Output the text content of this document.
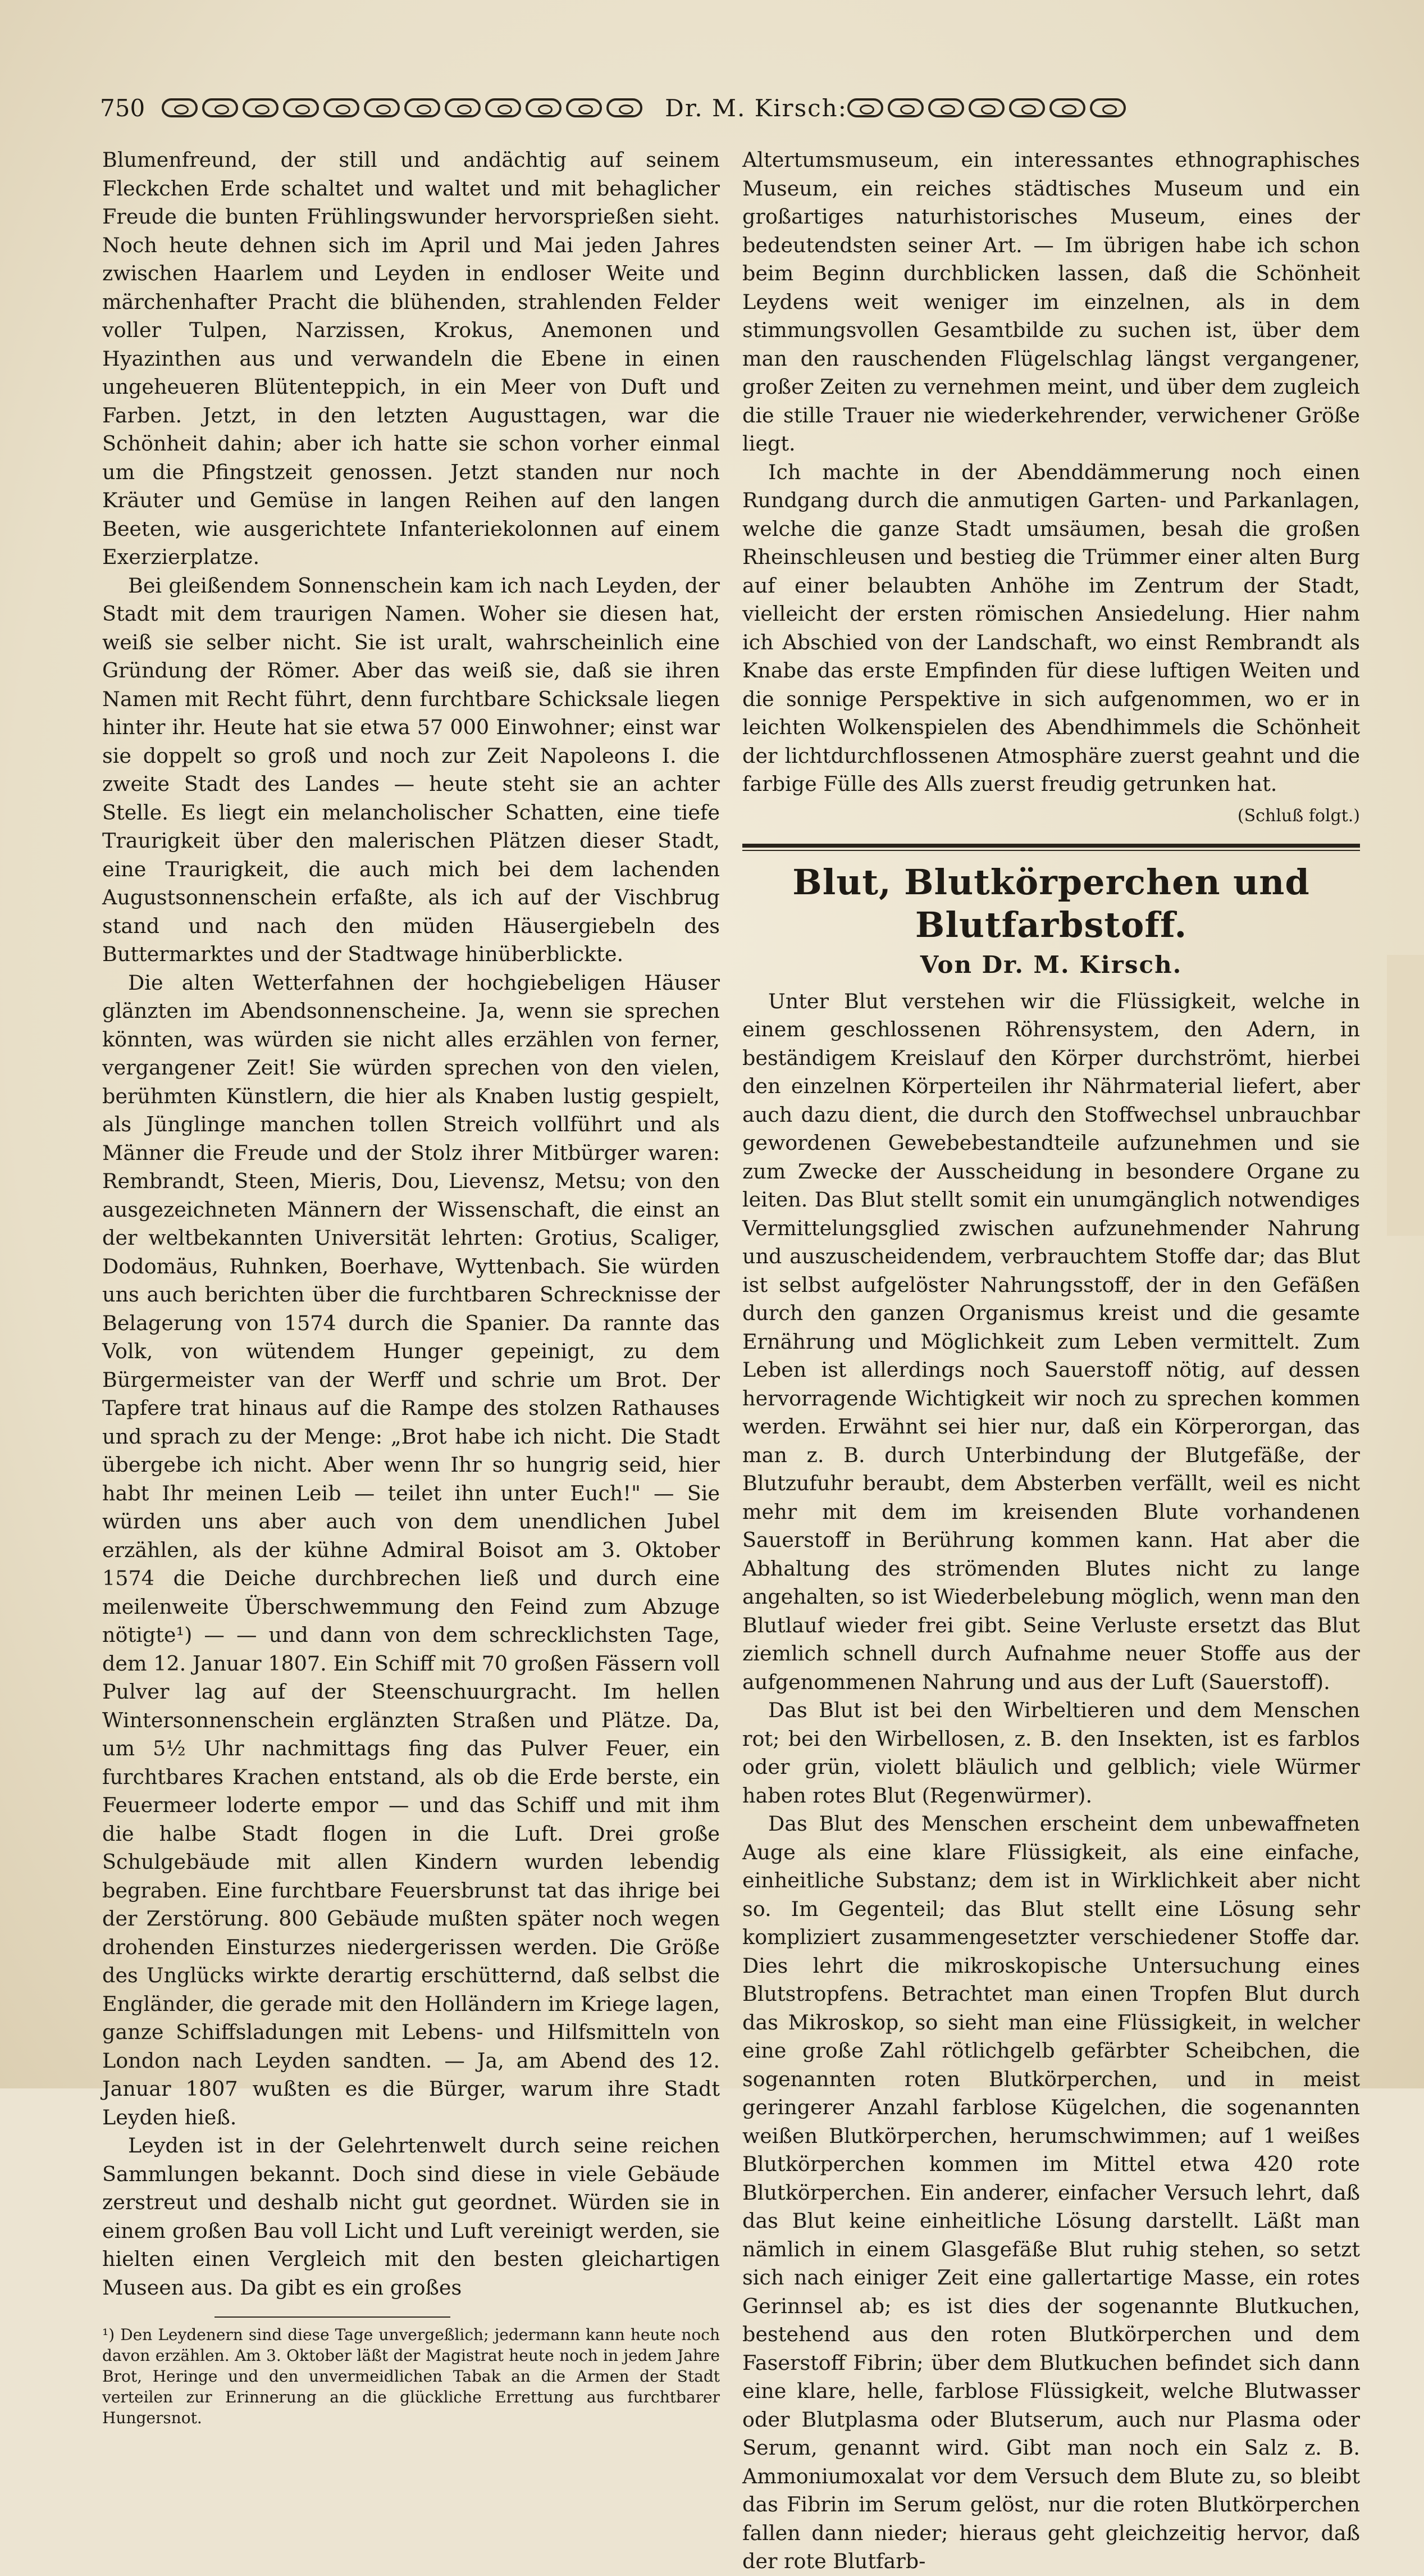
750	Dr. M. Kirsch:

Blumenfreund, der still und andächtig auf seinem Fleckchen Erde schaltet und waltet und mit behaglicher Freude die bunten Frühlingswunder hervorsprießen sieht. Noch heute dehnen sich im April und Mai jeden Jahres zwischen Haarlem und Leyden in endloser Weite und märchenhafter Pracht die blühenden, strahlenden Felder voller Tulpen, Narzissen, Krokus, Anemonen und Hyazinthen aus und verwandeln die Ebene in einen ungeheueren Blütenteppich, in ein Meer von Duft und Farben. Jetzt, in den letzten Augusttagen, war die Schönheit dahin; aber ich hatte sie schon vorher einmal um die Pfingstzeit genossen. Jetzt standen nur noch Kräuter und Gemüse in langen Reihen auf den langen Beeten, wie ausgerichtete Infanteriekolonnen auf einem Exerzierplatze.

Bei gleißendem Sonnenschein kam ich nach Leyden, der Stadt mit dem traurigen Namen. Woher sie diesen hat, weiß sie selber nicht. Sie ist uralt, wahrscheinlich eine Gründung der Römer. Aber das weiß sie, daß sie ihren Namen mit Recht führt, denn furchtbare Schicksale liegen hinter ihr. Heute hat sie etwa 57 000 Einwohner; einst war sie doppelt so groß und noch zur Zeit Napoleons I. die zweite Stadt des Landes — heute steht sie an achter Stelle. Es liegt ein melancholischer Schatten, eine tiefe Traurigkeit über den malerischen Plätzen dieser Stadt, eine Traurigkeit, die auch mich bei dem lachenden Augustsonnenschein erfaßte, als ich auf der Vischbrug stand und nach den müden Häusergiebeln des Buttermarktes und der Stadtwage hinüberblickte.

Die alten Wetterfahnen der hochgiebeligen Häuser glänzten im Abendsonnenscheine. Ja, wenn sie sprechen könnten, was würden sie nicht alles erzählen von ferner, vergangener Zeit! Sie würden sprechen von den vielen, berühmten Künstlern, die hier als Knaben lustig gespielt, als Jünglinge manchen tollen Streich vollführt und als Männer die Freude und der Stolz ihrer Mitbürger waren: Rembrandt, Steen, Mieris, Dou, Lievensz, Metsu; von den ausgezeichneten Männern der Wissenschaft, die einst an der weltbekannten Universität lehrten: Grotius, Scaliger, Dodomäus, Ruhnken, Boerhave, Wyttenbach. Sie würden uns auch berichten über die furchtbaren Schrecknisse der Belagerung von 1574 durch die Spanier. Da rannte das Volk, von wütendem Hunger gepeinigt, zu dem Bürgermeister van der Werff und schrie um Brot. Der Tapfere trat hinaus auf die Rampe des stolzen Rathauses und sprach zu der Menge: „Brot habe ich nicht. Die Stadt übergebe ich nicht. Aber wenn Ihr so hungrig seid, hier habt Ihr meinen Leib — teilet ihn unter Euch!" — Sie würden uns aber auch von dem unendlichen Jubel erzählen, als der kühne Admiral Boisot am 3. Oktober 1574 die Deiche durchbrechen ließ und durch eine meilenweite Überschwemmung den Feind zum Abzuge nötigte¹) — — und dann von dem schrecklichsten Tage, dem 12. Januar 1807. Ein Schiff mit 70 großen Fässern voll Pulver lag auf der Steenschuurgracht. Im hellen Wintersonnenschein erglänzten Straßen und Plätze. Da, um 5½ Uhr nachmittags fing das Pulver Feuer, ein furchtbares Krachen entstand, als ob die Erde berste, ein Feuermeer loderte empor — und das Schiff und mit ihm die halbe Stadt flogen in die Luft. Drei große Schulgebäude mit allen Kindern wurden lebendig begraben. Eine furchtbare Feuersbrunst tat das ihrige bei der Zerstörung. 800 Gebäude mußten später noch wegen drohenden Einsturzes niedergerissen werden. Die Größe des Unglücks wirkte derartig erschütternd, daß selbst die Engländer, die gerade mit den Holländern im Kriege lagen, ganze Schiffsladungen mit Lebens- und Hilfsmitteln von London nach Leyden sandten. — Ja, am Abend des 12. Januar 1807 wußten es die Bürger, warum ihre Stadt Leyden hieß.

Leyden ist in der Gelehrtenwelt durch seine reichen Sammlungen bekannt. Doch sind diese in viele Gebäude zerstreut und deshalb nicht gut geordnet. Würden sie in einem großen Bau voll Licht und Luft vereinigt werden, sie hielten einen Vergleich mit den besten gleichartigen Museen aus. Da gibt es ein großes

¹) Den Leydenern sind diese Tage unvergeßlich; jedermann kann heute noch davon erzählen. Am 3. Oktober läßt der Magistrat heute noch in jedem Jahre Brot, Heringe und den unvermeidlichen Tabak an die Armen der Stadt verteilen zur Erinnerung an die glückliche Errettung aus furchtbarer Hungersnot.

Altertumsmuseum, ein interessantes ethnographisches Museum, ein reiches städtisches Museum und ein großartiges naturhistorisches Museum, eines der bedeutendsten seiner Art. — Im übrigen habe ich schon beim Beginn durchblicken lassen, daß die Schönheit Leydens weit weniger im einzelnen, als in dem stimmungsvollen Gesamtbilde zu suchen ist, über dem man den rauschenden Flügelschlag längst vergangener, großer Zeiten zu vernehmen meint, und über dem zugleich die stille Trauer nie wiederkehrender, verwichener Größe liegt.

Ich machte in der Abenddämmerung noch einen Rundgang durch die anmutigen Garten- und Parkanlagen, welche die ganze Stadt umsäumen, besah die großen Rheinschleusen und bestieg die Trümmer einer alten Burg auf einer belaubten Anhöhe im Zentrum der Stadt, vielleicht der ersten römischen Ansiedelung. Hier nahm ich Abschied von der Landschaft, wo einst Rembrandt als Knabe das erste Empfinden für diese luftigen Weiten und die sonnige Perspektive in sich aufgenommen, wo er in leichten Wolkenspielen des Abendhimmels die Schönheit der lichtdurchflossenen Atmosphäre zuerst geahnt und die farbige Fülle des Alls zuerst freudig getrunken hat.

(Schluß folgt.)
Blut, Blutkörperchen und Blutfarbstoff.
Von Dr. M. Kirsch.

Unter Blut verstehen wir die Flüssigkeit, welche in einem geschlossenen Röhrensystem, den Adern, in beständigem Kreislauf den Körper durchströmt, hierbei den einzelnen Körperteilen ihr Nährmaterial liefert, aber auch dazu dient, die durch den Stoffwechsel unbrauchbar gewordenen Gewebebestandteile aufzunehmen und sie zum Zwecke der Ausscheidung in besondere Organe zu leiten. Das Blut stellt somit ein unumgänglich notwendiges Vermittelungsglied zwischen aufzunehmender Nahrung und auszuscheidendem, verbrauchtem Stoffe dar; das Blut ist selbst aufgelöster Nahrungsstoff, der in den Gefäßen durch den ganzen Organismus kreist und die gesamte Ernährung und Möglichkeit zum Leben vermittelt. Zum Leben ist allerdings noch Sauerstoff nötig, auf dessen hervorragende Wichtigkeit wir noch zu sprechen kommen werden. Erwähnt sei hier nur, daß ein Körperorgan, das man z. B. durch Unterbindung der Blutgefäße, der Blutzufuhr beraubt, dem Absterben verfällt, weil es nicht mehr mit dem im kreisenden Blute vorhandenen Sauerstoff in Berührung kommen kann. Hat aber die Abhaltung des strömenden Blutes nicht zu lange angehalten, so ist Wiederbelebung möglich, wenn man den Blutlauf wieder frei gibt. Seine Verluste ersetzt das Blut ziemlich schnell durch Aufnahme neuer Stoffe aus der aufgenommenen Nahrung und aus der Luft (Sauerstoff).

Das Blut ist bei den Wirbeltieren und dem Menschen rot; bei den Wirbellosen, z. B. den Insekten, ist es farblos oder grün, violett bläulich und gelblich; viele Würmer haben rotes Blut (Regenwürmer).

Das Blut des Menschen erscheint dem unbewaffneten Auge als eine klare Flüssigkeit, als eine einfache, einheitliche Substanz; dem ist in Wirklichkeit aber nicht so. Im Gegenteil; das Blut stellt eine Lösung sehr kompliziert zusammengesetzter verschiedener Stoffe dar. Dies lehrt die mikroskopische Untersuchung eines Blutstropfens. Betrachtet man einen Tropfen Blut durch das Mikroskop, so sieht man eine Flüssigkeit, in welcher eine große Zahl rötlichgelb gefärbter Scheibchen, die sogenannten roten Blutkörperchen, und in meist geringerer Anzahl farblose Kügelchen, die sogenannten weißen Blutkörperchen, herumschwimmen; auf 1 weißes Blutkörperchen kommen im Mittel etwa 420 rote Blutkörperchen. Ein anderer, einfacher Versuch lehrt, daß das Blut keine einheitliche Lösung darstellt. Läßt man nämlich in einem Glasgefäße Blut ruhig stehen, so setzt sich nach einiger Zeit eine gallertartige Masse, ein rotes Gerinnsel ab; es ist dies der sogenannte Blutkuchen, bestehend aus den roten Blutkörperchen und dem Faserstoff Fibrin; über dem Blutkuchen befindet sich dann eine klare, helle, farblose Flüssigkeit, welche Blutwasser oder Blutplasma oder Blutserum, auch nur Plasma oder Serum, genannt wird. Gibt man noch ein Salz z. B. Ammoniumoxalat vor dem Versuch dem Blute zu, so bleibt das Fibrin im Serum gelöst, nur die roten Blutkörperchen fallen dann nieder; hieraus geht gleichzeitig hervor, daß der rote Blutfarb-
